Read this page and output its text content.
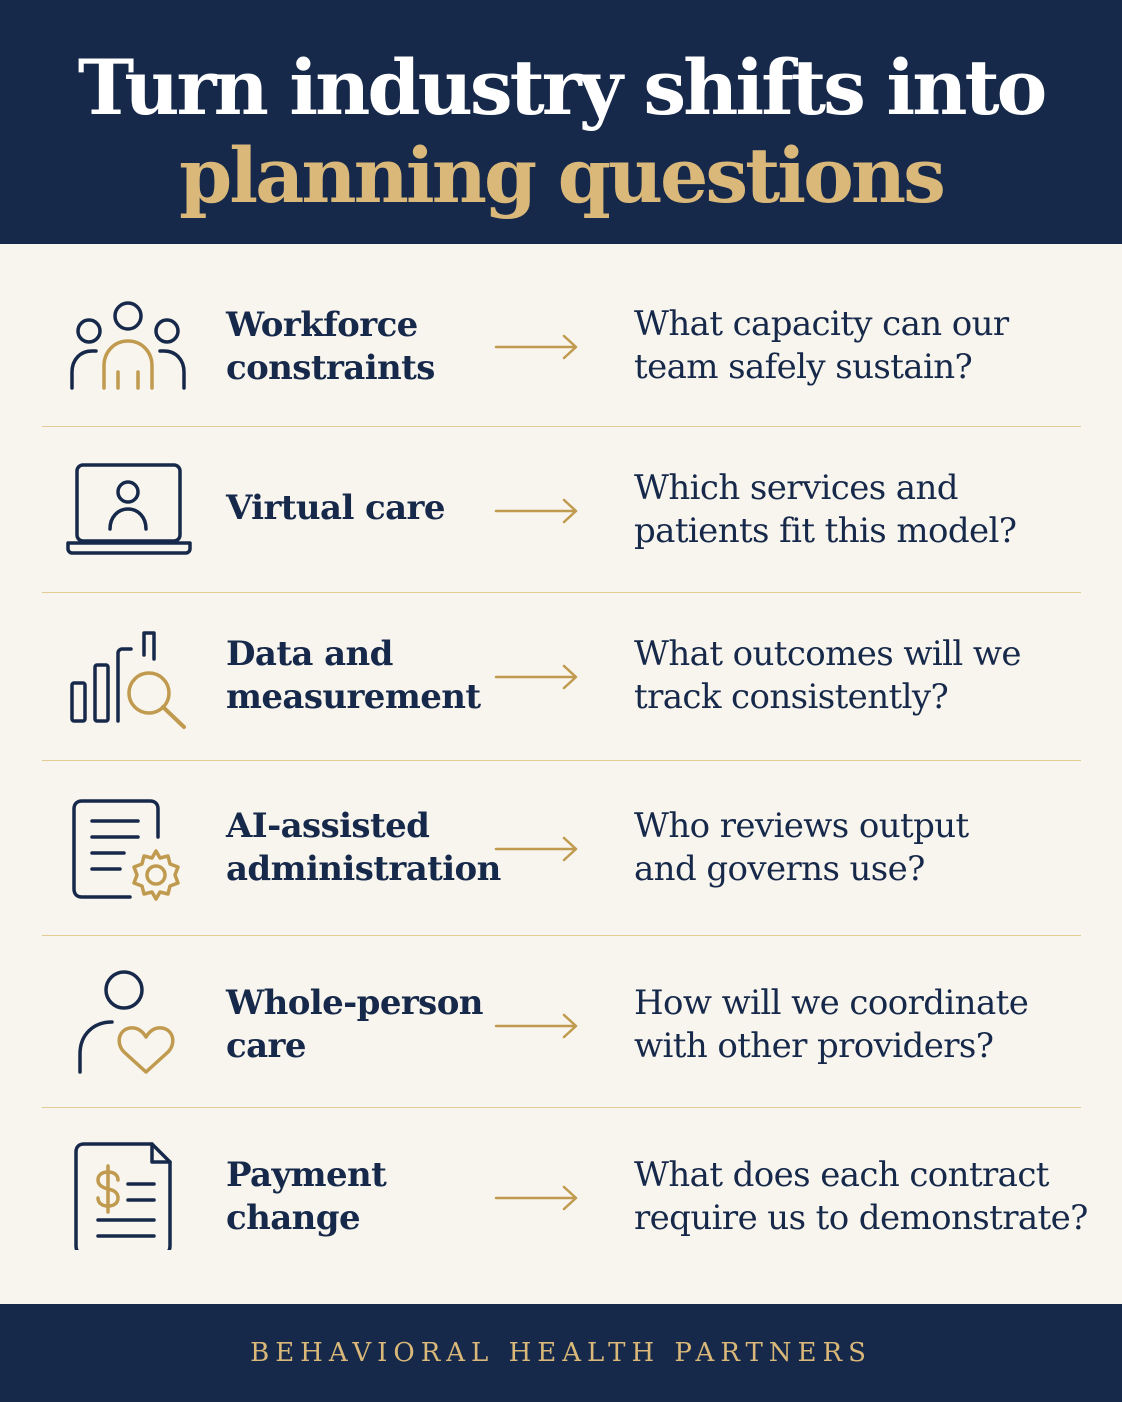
Turn industry shifts into
planning questions
Workforce
constraints
What capacity can our
team safely sustain?
Virtual care	Which services and
patients fit this model?
Data and
measurement
What outcomes will we
track consistently?
AI-assisted
administration
Who reviews output
and governs use?
Whole-person
care
How will we coordinate
with other providers?
Payment
change
What does each contract
require us to demonstrate?
BEHAVIORAL HEALTH PARTNERS
